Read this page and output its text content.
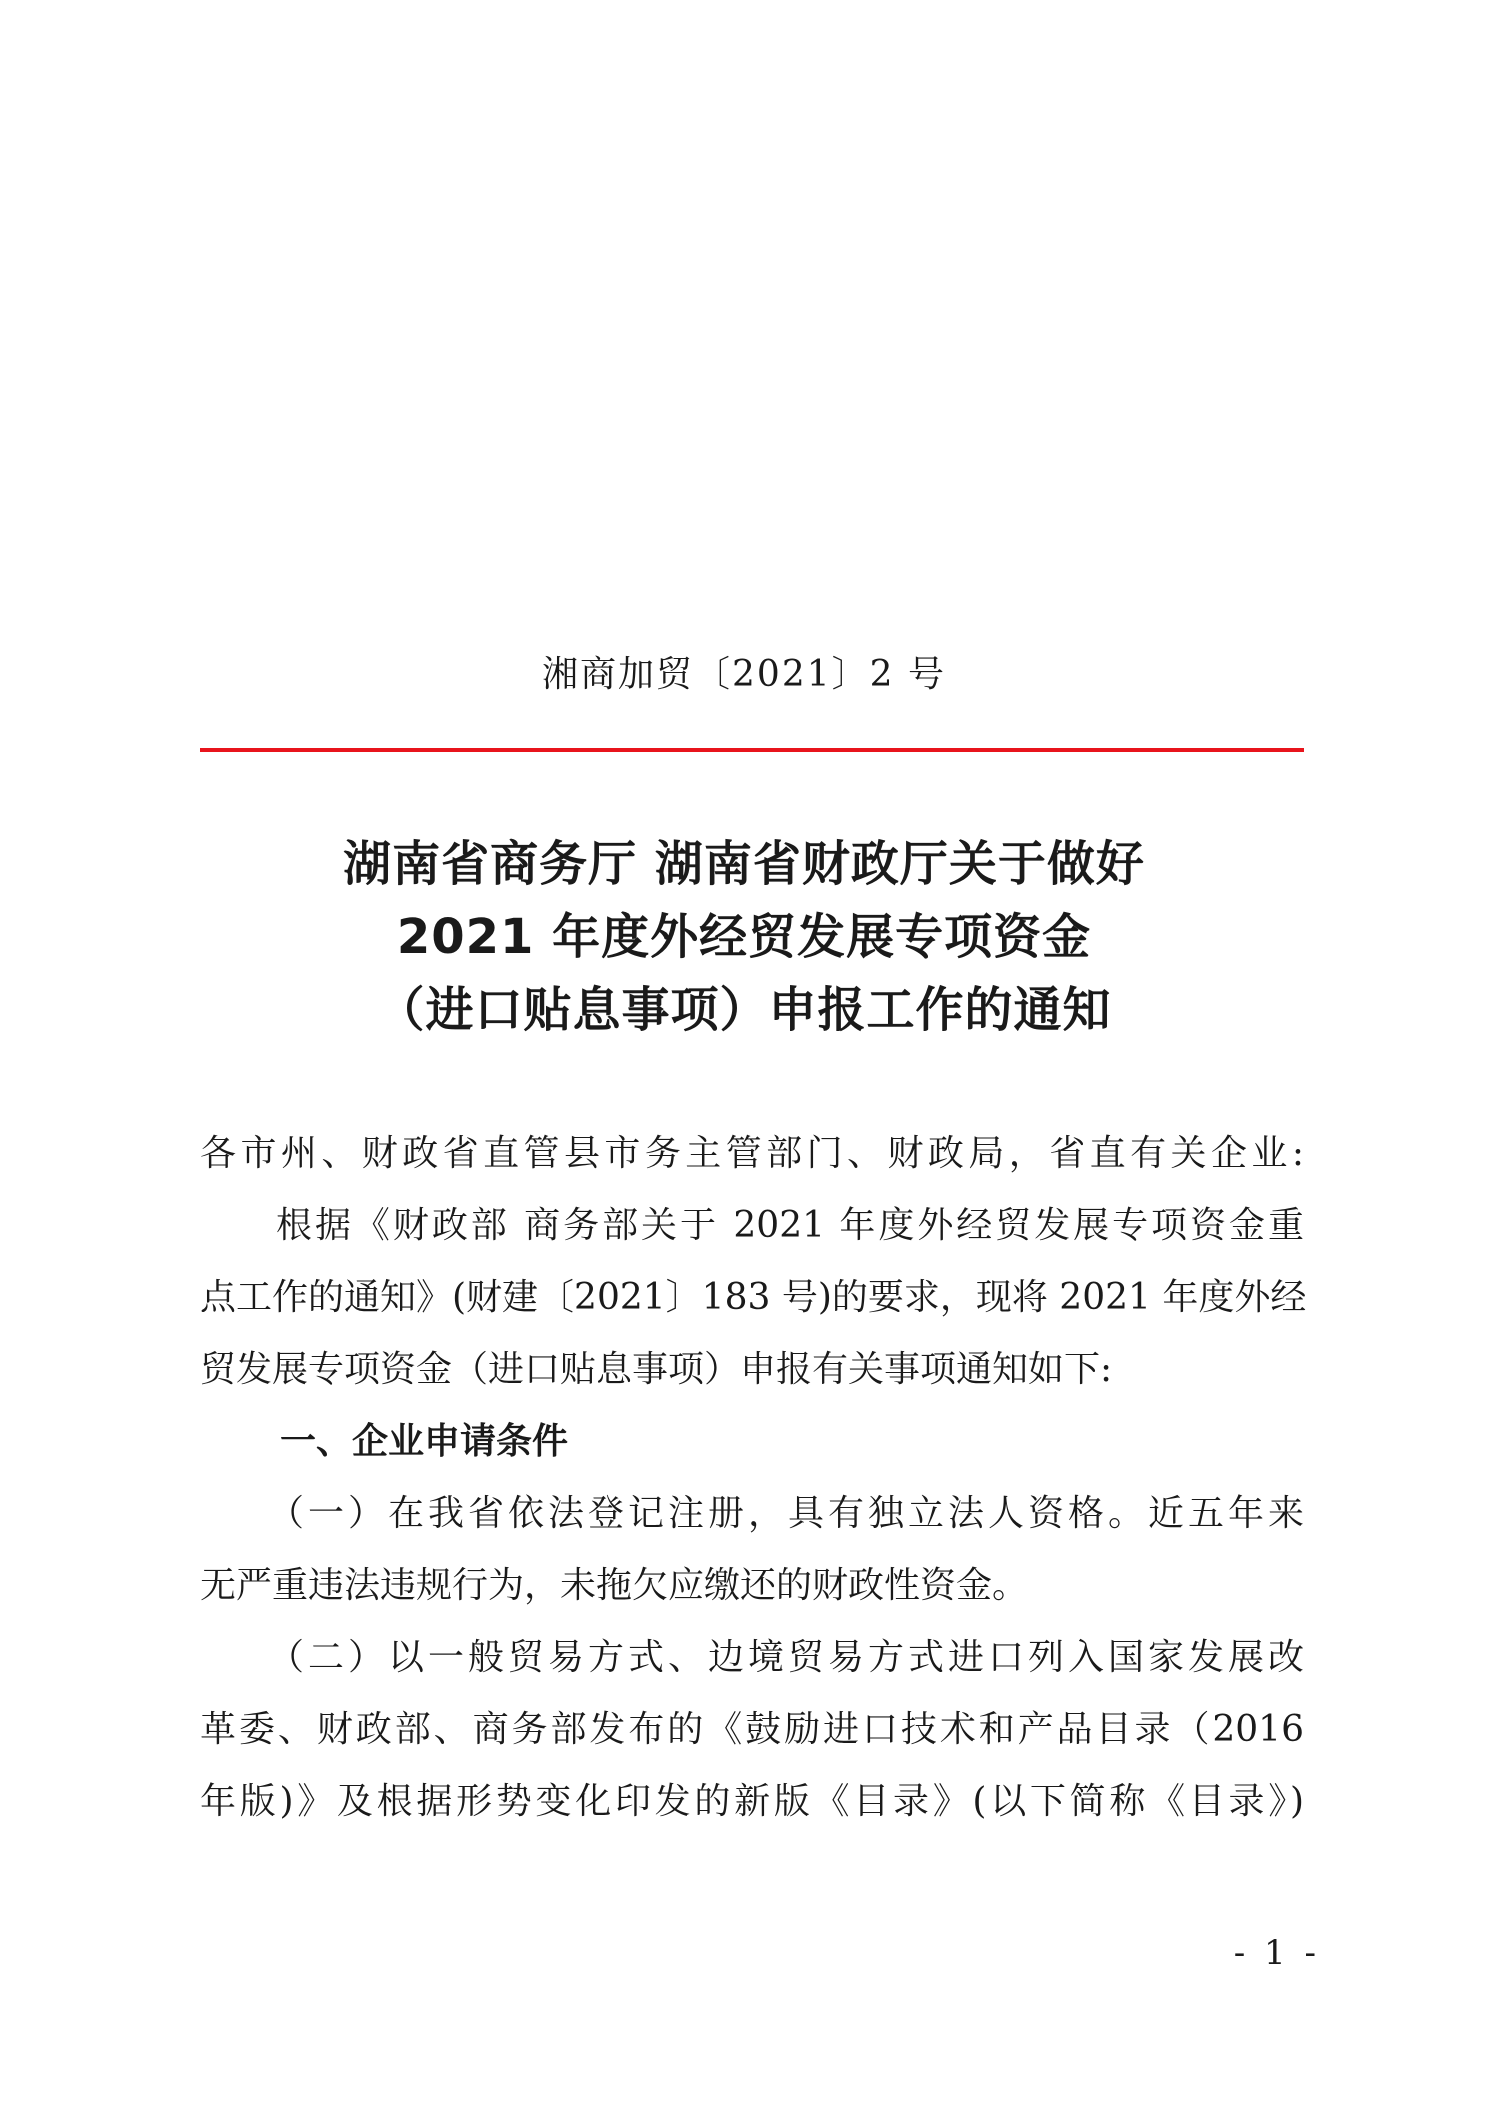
湘商加贸〔2021〕2 号
湖南省商务厅 湖南省财政厅关于做好
2021 年度外经贸发展专项资金
（进口贴息事项）申报工作的通知
各市州、财政省直管县市务主管部门、财政局，省直有关企业:
根据《财政部 商务部关于 2021 年度外经贸发展专项资金重
点工作的通知》(财建〔2021〕183 号)的要求，现将 2021 年度外经
贸发展专项资金（进口贴息事项）申报有关事项通知如下:
一、企业申请条件
（一）在我省依法登记注册，具有独立法人资格。近五年来
无严重违法违规行为，未拖欠应缴还的财政性资金。
（二）以一般贸易方式、边境贸易方式进口列入国家发展改
革委、财政部、商务部发布的《鼓励进口技术和产品目录（2016
年版)》及根据形势变化印发的新版《目录》(以下简称《目录》)
- 1 -
